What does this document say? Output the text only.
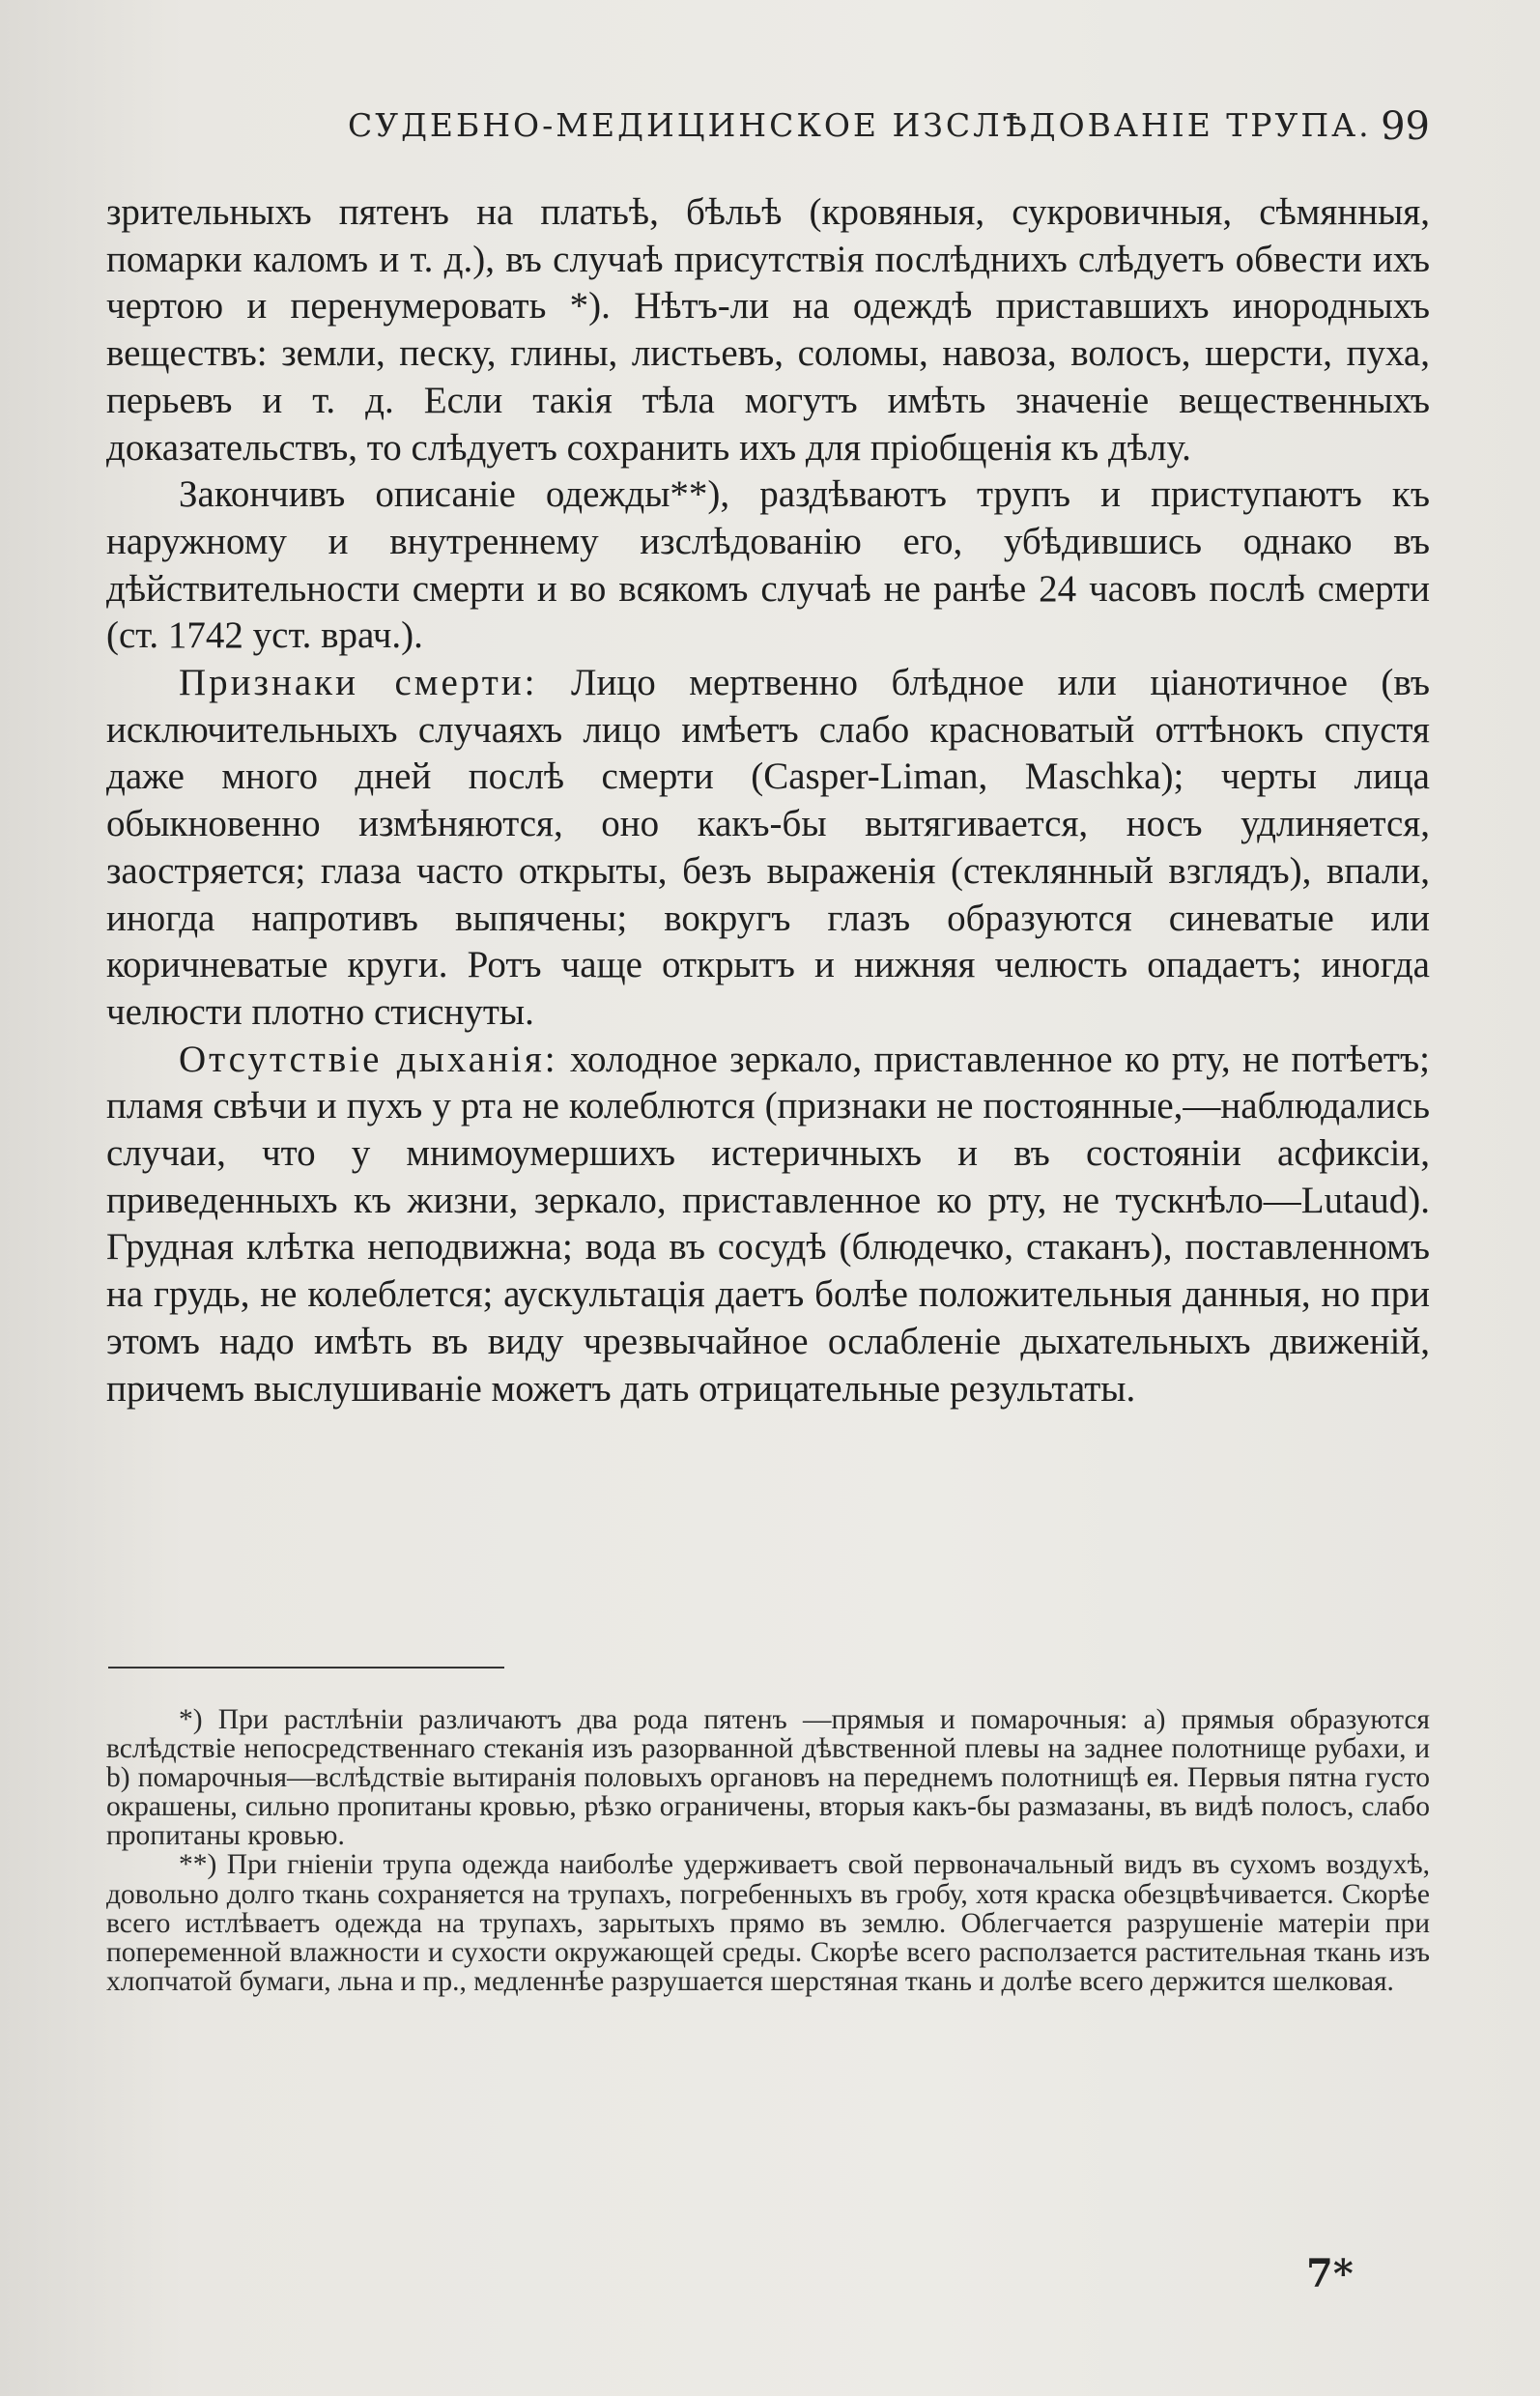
СУДЕБНО-МЕДИЦИНСКОЕ ИЗСЛѢДОВАНІЕ ТРУПА. 99

зрительныхъ пятенъ на платьѣ, бѣльѣ (кровяныя, сукровичныя, сѣмянныя, помарки каломъ и т. д.), въ случаѣ присутствія послѣднихъ слѣдуетъ обвести ихъ чертою и перенумеровать *). Нѣтъ-ли на одеждѣ приставшихъ инородныхъ веществъ: земли, песку, глины, листьевъ, соломы, навоза, волосъ, шерсти, пуха, перьевъ и т. д. Если такія тѣла могутъ имѣть значеніе вещественныхъ доказательствъ, то слѣдуетъ сохранить ихъ для пріобщенія къ дѣлу.

Закончивъ описаніе одежды**), раздѣваютъ трупъ и приступаютъ къ наружному и внутреннему изслѣдованію его, убѣдившись однако въ дѣйствительности смерти и во всякомъ случаѣ не ранѣе 24 часовъ послѣ смерти (ст. 1742 уст. врач.).

Признаки смерти: Лицо мертвенно блѣдное или ціанотичное (въ исключительныхъ случаяхъ лицо имѣетъ слабо красноватый оттѣнокъ спустя даже много дней послѣ смерти (Casper-Liman, Maschka); черты лица обыкновенно измѣняются, оно какъ-бы вытягивается, носъ удлиняется, заостряется; глаза часто открыты, безъ выраженія (стеклянный взглядъ), впали, иногда напротивъ выпячены; вокругъ глазъ образуются синеватые или коричневатые круги. Ротъ чаще открытъ и нижняя челюсть опадаетъ; иногда челюсти плотно стиснуты.

Отсутствіе дыханія: холодное зеркало, приставленное ко рту, не потѣетъ; пламя свѣчи и пухъ у рта не колеблются (признаки не постоянные,—наблюдались случаи, что у мнимоумершихъ истеричныхъ и въ состояніи асфиксіи, приведенныхъ къ жизни, зеркало, приставленное ко рту, не тускнѣло—Lutaud). Грудная клѣтка неподвижна; вода въ сосудѣ (блюдечко, стаканъ), поставленномъ на грудь, не колеблется; аускультація даетъ болѣе положительныя данныя, но при этомъ надо имѣть въ виду чрезвычайное ослабленіе дыхательныхъ движеній, причемъ выслушиваніе можетъ дать отрицательные результаты.

*) При растлѣніи различаютъ два рода пятенъ —прямыя и помарочныя: a) прямыя образуются вслѣдствіе непосредственнаго стеканія изъ разорванной дѣвственной плевы на заднее полотнище рубахи, и b) помарочныя—вслѣдствіе вытиранія половыхъ органовъ на переднемъ полотнищѣ ея. Первыя пятна густо окрашены, сильно пропитаны кровью, рѣзко ограничены, вторыя какъ-бы размазаны, въ видѣ полосъ, слабо пропитаны кровью.

**) При гніеніи трупа одежда наиболѣе удерживаетъ свой первоначальный видъ въ сухомъ воздухѣ, довольно долго ткань сохраняется на трупахъ, погребенныхъ въ гробу, хотя краска обезцвѣчивается. Скорѣе всего истлѣваетъ одежда на трупахъ, зарытыхъ прямо въ землю. Облегчается разрушеніе матеріи при попеременной влажности и сухости окружающей среды. Скорѣе всего расползается растительная ткань изъ хлопчатой бумаги, льна и пр., медленнѣе разрушается шерстяная ткань и долѣе всего держится шелковая.

7*
